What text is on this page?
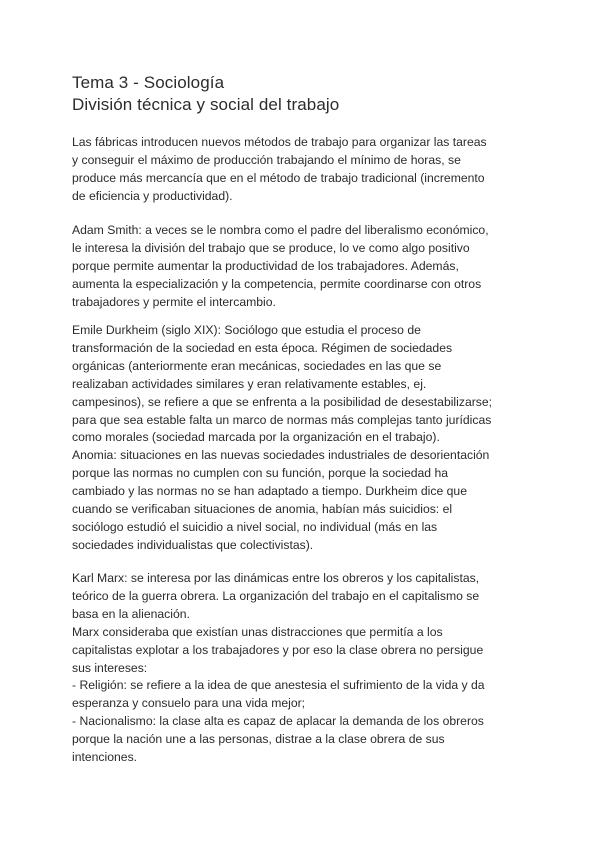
Tema 3 - Sociología
División técnica y social del trabajo
Las fábricas introducen nuevos métodos de trabajo para organizar las tareas
y conseguir el máximo de producción trabajando el mínimo de horas, se
produce más mercancía que en el método de trabajo tradicional (incremento
de eficiencia y productividad).
Adam Smith: a veces se le nombra como el padre del liberalismo económico,
le interesa la división del trabajo que se produce, lo ve como algo positivo
porque permite aumentar la productividad de los trabajadores. Además,
aumenta la especialización y la competencia, permite coordinarse con otros
trabajadores y permite el intercambio.
Emile Durkheim (siglo XIX): Sociólogo que estudia el proceso de
transformación de la sociedad en esta época. Régimen de sociedades
orgánicas (anteriormente eran mecánicas, sociedades en las que se
realizaban actividades similares y eran relativamente estables, ej.
campesinos), se refiere a que se enfrenta a la posibilidad de desestabilizarse;
para que sea estable falta un marco de normas más complejas tanto jurídicas
como morales (sociedad marcada por la organización en el trabajo).
Anomia: situaciones en las nuevas sociedades industriales de desorientación
porque las normas no cumplen con su función, porque la sociedad ha
cambiado y las normas no se han adaptado a tiempo. Durkheim dice que
cuando se verificaban situaciones de anomia, habían más suicidios: el
sociólogo estudió el suicidio a nivel social, no individual (más en las
sociedades individualistas que colectivistas).
Karl Marx: se interesa por las dinámicas entre los obreros y los capitalistas,
teórico de la guerra obrera. La organización del trabajo en el capitalismo se
basa en la alienación.
Marx consideraba que existían unas distracciones que permitía a los
capitalistas explotar a los trabajadores y por eso la clase obrera no persigue
sus intereses:
- Religión: se refiere a la idea de que anestesia el sufrimiento de la vida y da
esperanza y consuelo para una vida mejor;
- Nacionalismo: la clase alta es capaz de aplacar la demanda de los obreros
porque la nación une a las personas, distrae a la clase obrera de sus
intenciones.
